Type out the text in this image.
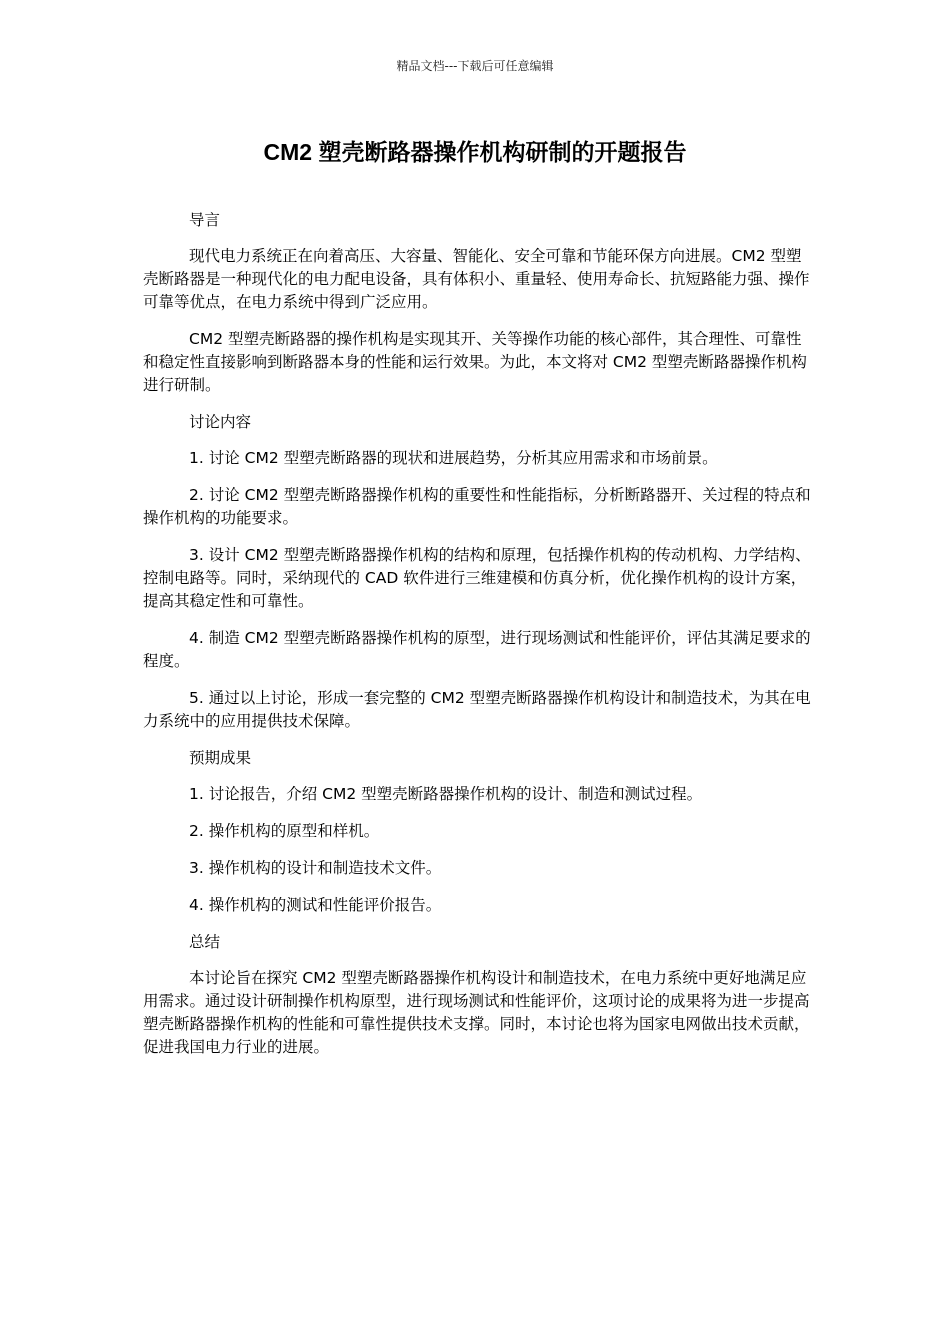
精品文档---下载后可任意编辑
CM2 塑壳断路器操作机构研制的开题报告

导言

现代电力系统正在向着高压、大容量、智能化、安全可靠和节能环保方向进展。CM2 型塑壳断路器是一种现代化的电力配电设备，具有体积小、重量轻、使用寿命长、抗短路能力强、操作可靠等优点，在电力系统中得到广泛应用。

CM2 型塑壳断路器的操作机构是实现其开、关等操作功能的核心部件，其合理性、可靠性和稳定性直接影响到断路器本身的性能和运行效果。为此，本文将对 CM2 型塑壳断路器操作机构进行研制。

讨论内容

1. 讨论 CM2 型塑壳断路器的现状和进展趋势，分析其应用需求和市场前景。

2. 讨论 CM2 型塑壳断路器操作机构的重要性和性能指标，分析断路器开、关过程的特点和操作机构的功能要求。

3. 设计 CM2 型塑壳断路器操作机构的结构和原理，包括操作机构的传动机构、力学结构、控制电路等。同时，采纳现代的 CAD 软件进行三维建模和仿真分析，优化操作机构的设计方案，提高其稳定性和可靠性。

4. 制造 CM2 型塑壳断路器操作机构的原型，进行现场测试和性能评价，评估其满足要求的程度。

5. 通过以上讨论，形成一套完整的 CM2 型塑壳断路器操作机构设计和制造技术，为其在电力系统中的应用提供技术保障。

预期成果

1. 讨论报告，介绍 CM2 型塑壳断路器操作机构的设计、制造和测试过程。

2. 操作机构的原型和样机。

3. 操作机构的设计和制造技术文件。

4. 操作机构的测试和性能评价报告。

总结

本讨论旨在探究 CM2 型塑壳断路器操作机构设计和制造技术，在电力系统中更好地满足应用需求。通过设计研制操作机构原型，进行现场测试和性能评价，这项讨论的成果将为进一步提高塑壳断路器操作机构的性能和可靠性提供技术支撑。同时，本讨论也将为国家电网做出技术贡献，促进我国电力行业的进展。
